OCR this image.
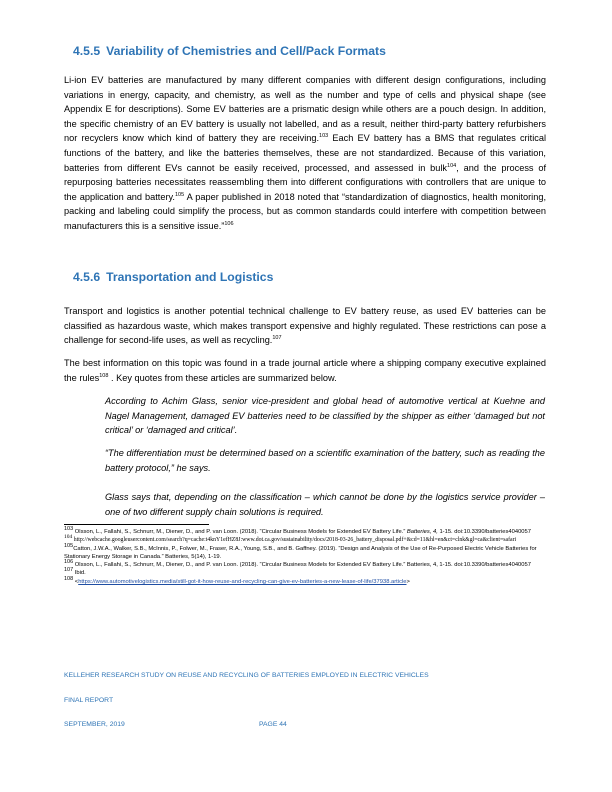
4.5.5 Variability of Chemistries and Cell/Pack Formats

Li-ion EV batteries are manufactured by many different companies with different design configurations, including variations in energy, capacity, and chemistry, as well as the number and type of cells and physical shape (see Appendix E for descriptions). Some EV batteries are a prismatic design while others are a pouch design. In addition, the specific chemistry of an EV battery is usually not labelled, and as a result, neither third-party battery refurbishers nor recyclers know which kind of battery they are receiving.$^{103}$ Each EV battery has a BMS that regulates critical functions of the battery, and like the batteries themselves, these are not standardized. Because of this variation, batteries from different EVs cannot be easily received, processed, and assessed in bulk$^{104}$, and the process of repurposing batteries necessitates reassembling them into different configurations with controllers that are unique to the application and battery.$^{105}$ A paper published in 2018 noted that “standardization of diagnostics, health monitoring, packing and labeling could simplify the process, but as common standards could interfere with competition between manufacturers this is a sensitive issue.”$^{106}$

4.5.6 Transportation and Logistics

Transport and logistics is another potential technical challenge to EV battery reuse, as used EV batteries can be classified as hazardous waste, which makes transport expensive and highly regulated. These restrictions can pose a challenge for second-life uses, as well as recycling.$^{107}$

The best information on this topic was found in a trade journal article where a shipping company executive explained the rules$^{108}$ . Key quotes from these articles are summarized below.

According to Achim Glass, senior vice-president and global head of automotive vertical at Kuehne and Nagel Management, damaged EV batteries need to be classified by the shipper as either ‘damaged but not critical’ or ‘damaged and critical’.

“The differentiation must be determined based on a scientific examination of the battery, such as reading the battery protocol,” he says.

Glass says that, depending on the classification – which cannot be done by the logistics service provider – one of two different supply chain solutions is required.

$^{103}$ Olsson, L., Fallahi, S., Schnurr, M., Diener, D., and P. van Loon. (2018). “Circular Business Models for Extended EV Battery Life.” Batteries, 4, 1-15. doi:10.3390/batteries4040057

$^{104}$ http://webcache.googleusercontent.com/search?q=cache:t4knY1efHZ8J:www.dot.ca.gov/sustainability/docs/2018-03-26_battery_disposal.pdf+&cd=11&hl=en&ct=clnk&gl=ca&client=safari

$^{105}$Catton, J.W.A., Walker, S.B., McInnis, P., Folwer, M., Fraser, R.A., Young, S.B., and B. Gaffney. (2019). “Design and Analysis of the Use of Re-Purposed Electric Vehicle Batteries for Stationary Energy Storage in Canada.” Batteries, 5(14), 1-19.

$^{106}$ Olsson, L., Fallahi, S., Schnurr, M., Diener, D., and P. van Loon. (2018). “Circular Business Models for Extended EV Battery Life.” Batteries, 4, 1-15. doi:10.3390/batteries4040057

$^{107}$ Ibid.

$^{108}$ <https://www.automotivelogistics.media/still-got-it-how-reuse-and-recycling-can-give-ev-batteries-a-new-lease-of-life/37938.article>

KELLEHER RESEARCH STUDY ON REUSE AND RECYCLING OF BATTERIES EMPLOYED IN ELECTRIC VEHICLES

FINAL REPORT

SEPTEMBER, 2019	PAGE 44
